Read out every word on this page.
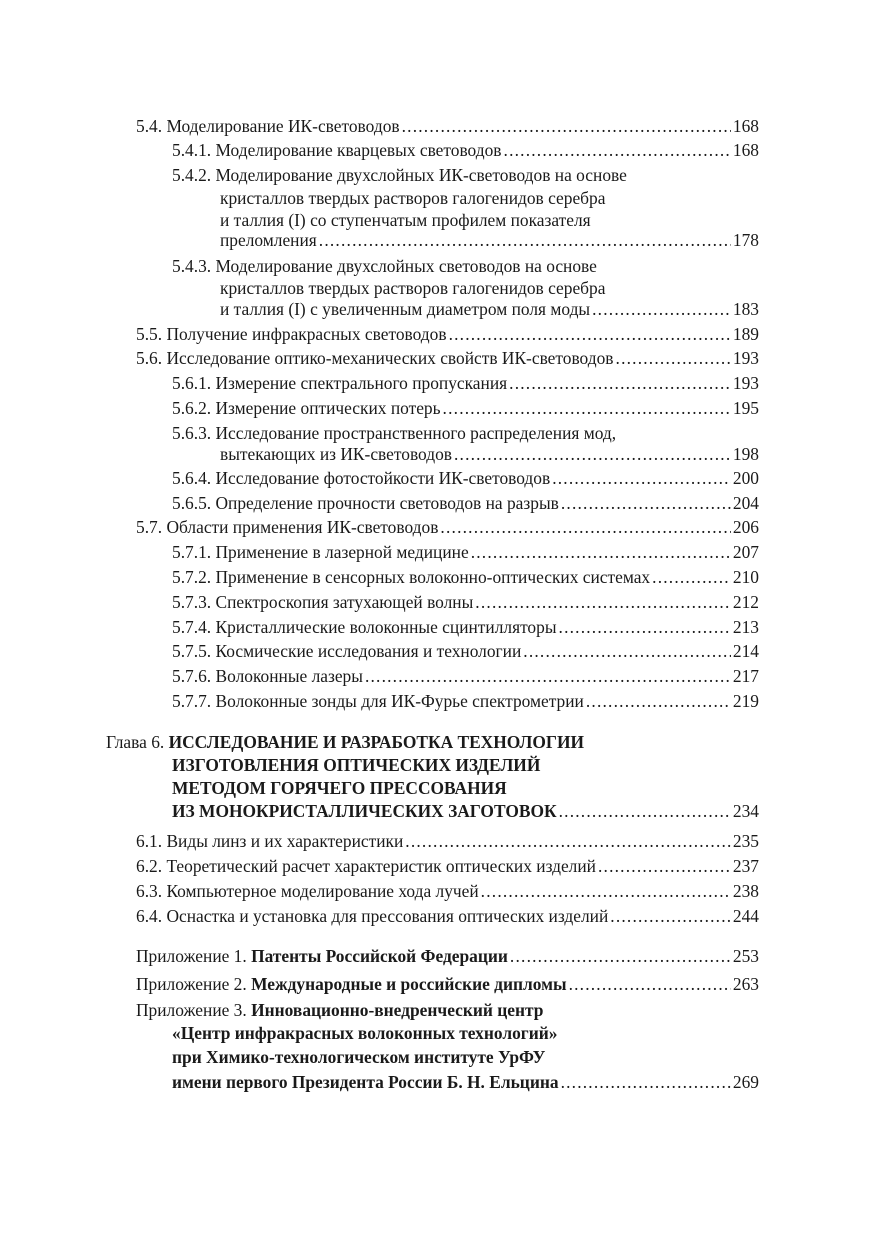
5.4. Моделирование ИК-световодов .....	168
5.4.1. Моделирование кварцевых световодов .....	168
5.4.2. Моделирование двухслойных ИК-световодов на основе
кристаллов твердых растворов галогенидов серебра
и таллия (I) со ступенчатым профилем показателя
преломления .....	178
5.4.3. Моделирование двухслойных световодов на основе
кристаллов твердых растворов галогенидов серебра
и таллия (I) с увеличенным диаметром поля моды .....	183
5.5. Получение инфракрасных световодов .....	189
5.6. Исследование оптико-механических свойств ИК-световодов .....	193
5.6.1. Измерение спектрального пропускания .....	193
5.6.2. Измерение оптических потерь .....	195
5.6.3. Исследование пространственного распределения мод,
вытекающих из ИК-световодов .....	198
5.6.4. Исследование фотостойкости ИК-световодов .....	200
5.6.5. Определение прочности световодов на разрыв .....	204
5.7. Области применения ИК-световодов .....	206
5.7.1. Применение в лазерной медицине .....	207
5.7.2. Применение в сенсорных волоконно-оптических системах .....	210
5.7.3. Спектроскопия затухающей волны .....	212
5.7.4. Кристаллические волоконные сцинтилляторы .....	213
5.7.5. Космические исследования и технологии .....	214
5.7.6. Волоконные лазеры .....	217
5.7.7. Волоконные зонды для ИК-Фурье спектрометрии .....	219
Глава 6. ИССЛЕДОВАНИЕ И РАЗРАБОТКА ТЕХНОЛОГИИ
ИЗГОТОВЛЕНИЯ ОПТИЧЕСКИХ ИЗДЕЛИЙ
МЕТОДОМ ГОРЯЧЕГО ПРЕССОВАНИЯ
ИЗ МОНОКРИСТАЛЛИЧЕСКИХ ЗАГОТОВОК .....	234
6.1. Виды линз и их характеристики .....	235
6.2. Теоретический расчет характеристик оптических изделий .....	237
6.3. Компьютерное моделирование хода лучей .....	238
6.4. Оснастка и установка для прессования оптических изделий .....	244
Приложение 1. Патенты Российской Федерации .....	253
Приложение 2. Международные и российские дипломы .....	263
Приложение 3. Инновационно-внедренческий центр
«Центр инфракрасных волоконных технологий»
при Химико-технологическом институте УрФУ
имени первого Президента России Б. Н. Ельцина .....	269
